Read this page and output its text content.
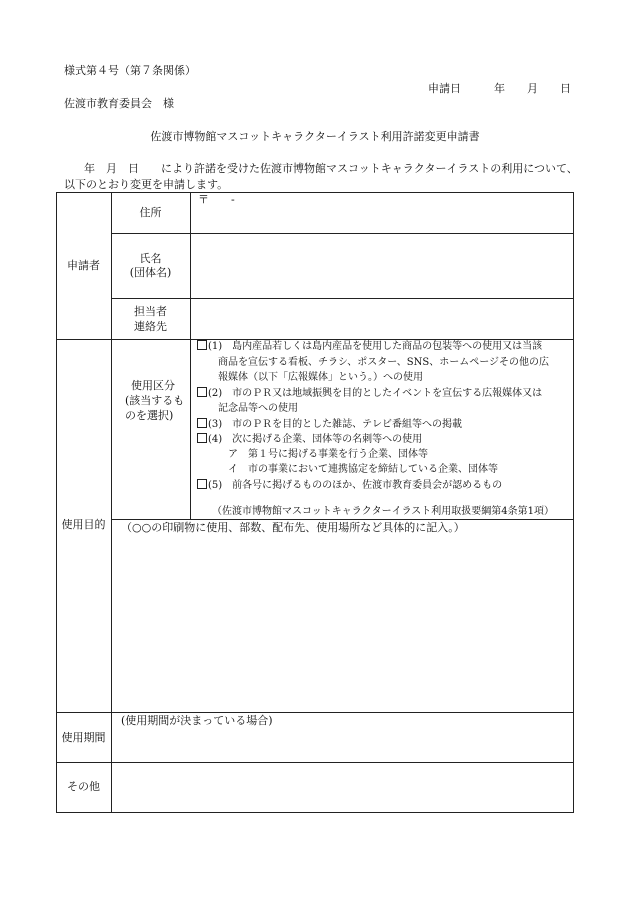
様式第４号（第７条関係）
申請日　　　年　　月　　日
佐渡市教育委員会　様
佐渡市博物館マスコットキャラクターイラスト利用許諾変更申請書
年　月　日　　により許諾を受けた佐渡市博物館マスコットキャラクターイラストの利用について、
以下のとおり変更を申請します。
申請者
住所
〒　　-
氏名
(団体名)
担当者
連絡先
使用目的
使用区分
(該当するも
のを選択)
(1)　島内産品若しくは島内産品を使用した商品の包装等への使用又は当該
商品を宣伝する看板、チラシ、ポスター、SNS、ホームページその他の広
報媒体（以下「広報媒体」という。）への使用
(2)　市のＰＲ又は地域振興を目的としたイベントを宣伝する広報媒体又は
記念品等への使用
(3)　市のＰＲを目的とした雑誌、テレビ番組等への掲載
(4)　次に掲げる企業、団体等の名刺等への使用
ア　第１号に掲げる事業を行う企業、団体等
イ　市の事業において連携協定を締結している企業、団体等
(5)　前各号に掲げるもののほか、佐渡市教育委員会が認めるもの
（佐渡市博物館マスコットキャラクターイラスト利用取扱要綱第4条第1項）
（○○の印刷物に使用、部数、配布先、使用場所など具体的に記入。）
使用期間
(使用期間が決まっている場合)
その他
